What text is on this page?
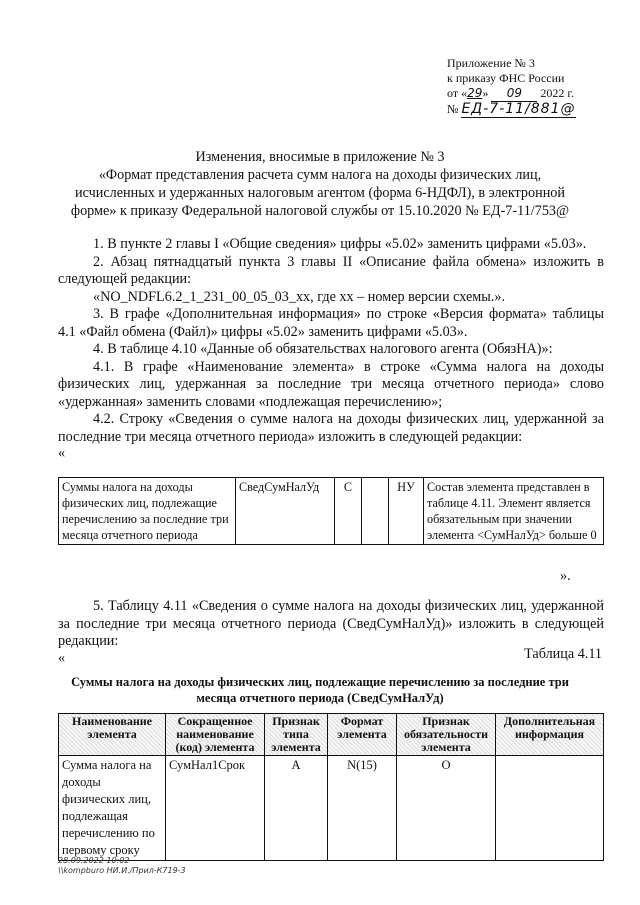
Приложение № 3
к приказу ФНС России
от «29» 09 2022 г.
№ ЕД-7-11/881@
Изменения, вносимые в приложение № 3
«Формат представления расчета сумм налога на доходы физических лиц,
исчисленных и удержанных налоговым агентом (форма 6-НДФЛ), в электронной
форме» к приказу Федеральной налоговой службы от 15.10.2020 № ЕД-7-11/753@

1. В пункте 2 главы I «Общие сведения» цифры «5.02» заменить цифрами «5.03».

2. Абзац пятнадцатый пункта 3 главы II «Описание файла обмена» изложить в следующей редакции:

«NO_NDFL6.2_1_231_00_05_03_xx, где xx – номер версии схемы.».

3. В графе «Дополнительная информация» по строке «Версия формата» таблицы 4.1 «Файл обмена (Файл)» цифры «5.02» заменить цифрами «5.03».

4. В таблице 4.10 «Данные об обязательствах налогового агента (ОбязНА)»:

4.1. В графе «Наименование элемента» в строке «Сумма налога на доходы физических лиц, удержанная за последние три месяца отчетного периода» слово «удержанная» заменить словами «подлежащая перечислению»;

4.2. Строку «Сведения о сумме налога на доходы физических лиц, удержанной за последние три месяца отчетного периода» изложить в следующей редакции:

«

Суммы налога на доходы физических лиц, подлежащие перечислению за последние три месяца отчетного периода	СведСумНалУд	С		НУ	Состав элемента представлен в таблице 4.11. Элемент является обязательным при значении элемента <СумНалУд> больше 0
».

5. Таблицу 4.11 «Сведения о сумме налога на доходы физических лиц, удержанной за последние три месяца отчетного периода (СведСумНалУд)» изложить в следующей редакции:

«	Таблица 4.11
Суммы налога на доходы физических лиц, подлежащие перечислению за последние три
месяца отчетного периода (СведСумНалУд)
Наименование элемента	Сокращенное наименование (код) элемента	Признак типа элемента	Формат элемента	Признак обязательности элемента	Дополнительная информация
Сумма налога на доходы физических лиц, подлежащая перечислению по первому сроку	СумНал1Срок	А	N(15)	О	
28.09.2022 10:02
\\kompburo НИ.И./Прил-К719-3
